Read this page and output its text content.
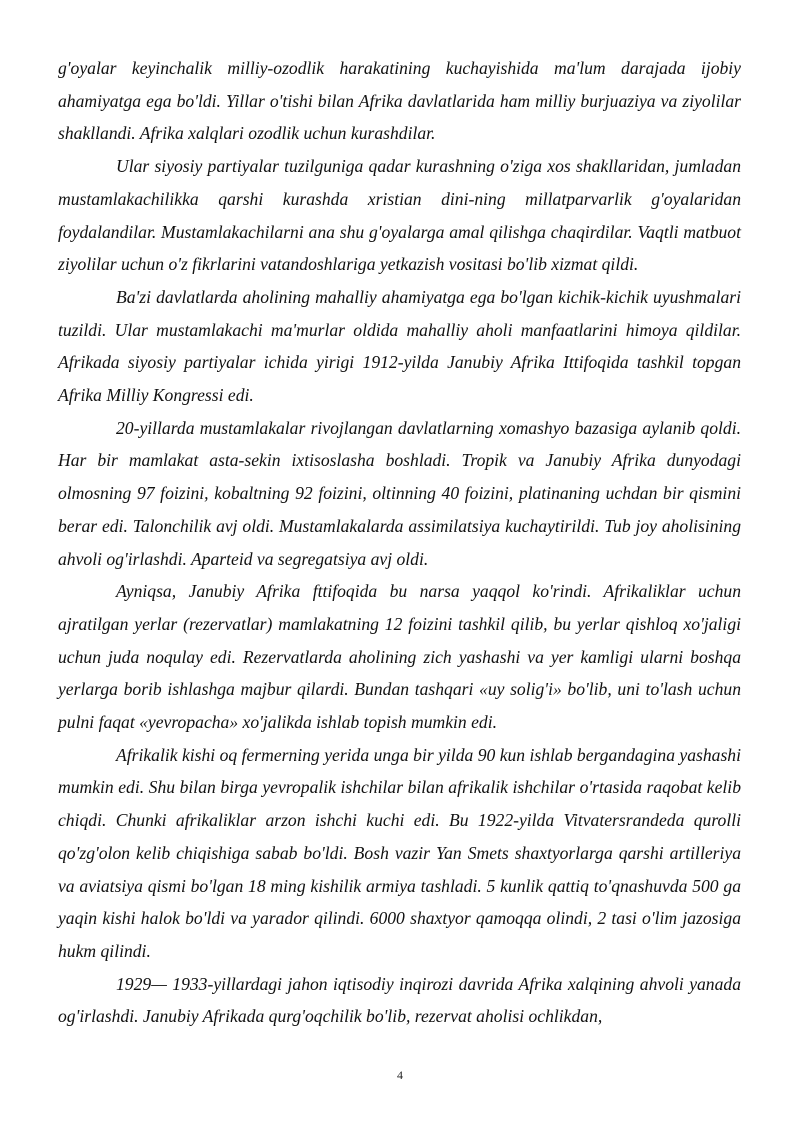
g'oyalar keyinchalik milliy-ozodlik harakatining kuchayishida ma'lum darajada ijobiy ahamiyatga ega bo'ldi. Yillar o'tishi bilan Afrika davlatlarida ham milliy burjuaziya va ziyolilar shakllandi. Afrika xalqlari ozodlik uchun kurashdilar.

Ular siyosiy partiyalar tuzilguniga qadar kurashning o'ziga xos shakllaridan, jumladan mustamlakachilikka qarshi kurashda xristian dini-ning millatparvarlik g'oyalaridan foydalandilar. Mustamlakachilarni ana shu g'oyalarga amal qilishga chaqirdilar. Vaqtli matbuot ziyolilar uchun o'z fikrlarini vatandoshlariga yetkazish vositasi bo'lib xizmat qildi.

Ba'zi davlatlarda aholining mahalliy ahamiyatga ega bo'lgan kichik-kichik uyushmalari tuzildi. Ular mustamlakachi ma'murlar oldida mahalliy aholi manfaatlarini himoya qildilar. Afrikada siyosiy partiyalar ichida yirigi 1912-yilda Janubiy Afrika Ittifoqida tashkil topgan Afrika Milliy Kongressi edi.

20-yillarda mustamlakalar rivojlangan davlatlarning xomashyo bazasiga aylanib qoldi. Har bir mamlakat asta-sekin ixtisoslasha boshladi. Tropik va Janubiy Afrika dunyodagi olmosning 97 foizini, kobaltning 92 foizini, oltinning 40 foizini, platinaning uchdan bir qismini berar edi. Talonchilik avj oldi. Mustamlakalarda assimilatsiya kuchaytirildi. Tub joy aholisining ahvoli og'irlashdi. Aparteid va segregatsiya avj oldi.

Ayniqsa, Janubiy Afrika fttifoqida bu narsa yaqqol ko'rindi. Afrikaliklar uchun ajratilgan yerlar (rezervatlar) mamlakatning 12 foizini tashkil qilib, bu yerlar qishloq xo'jaligi uchun juda noqulay edi. Rezervatlarda aholining zich yashashi va yer kamligi ularni boshqa yerlarga borib ishlashga majbur qilardi. Bundan tashqari «uy solig'i» bo'lib, uni to'lash uchun pulni faqat «yevropacha» xo'jalikda ishlab topish mumkin edi.

Afrikalik kishi oq fermerning yerida unga bir yilda 90 kun ishlab bergandagina yashashi mumkin edi. Shu bilan birga yevropalik ishchilar bilan afrikalik ishchilar o'rtasida raqobat kelib chiqdi. Chunki afrikaliklar arzon ishchi kuchi edi. Bu 1922-yilda Vitvatersrandeda qurolli qo'zg'olon kelib chiqishiga sabab bo'ldi. Bosh vazir Yan Smets shaxtyorlarga qarshi artilleriya va aviatsiya qismi bo'lgan 18 ming kishilik armiya tashladi. 5 kunlik qattiq to'qnashuvda 500 ga yaqin kishi halok bo'ldi va yarador qilindi. 6000 shaxtyor qamoqqa olindi, 2 tasi o'lim jazosiga hukm qilindi.

1929— 1933-yillardagi jahon iqtisodiy inqirozi davrida Afrika xalqining ahvoli yanada og'irlashdi. Janubiy Afrikada qurg'oqchilik bo'lib, rezervat aholisi ochlikdan,

4
